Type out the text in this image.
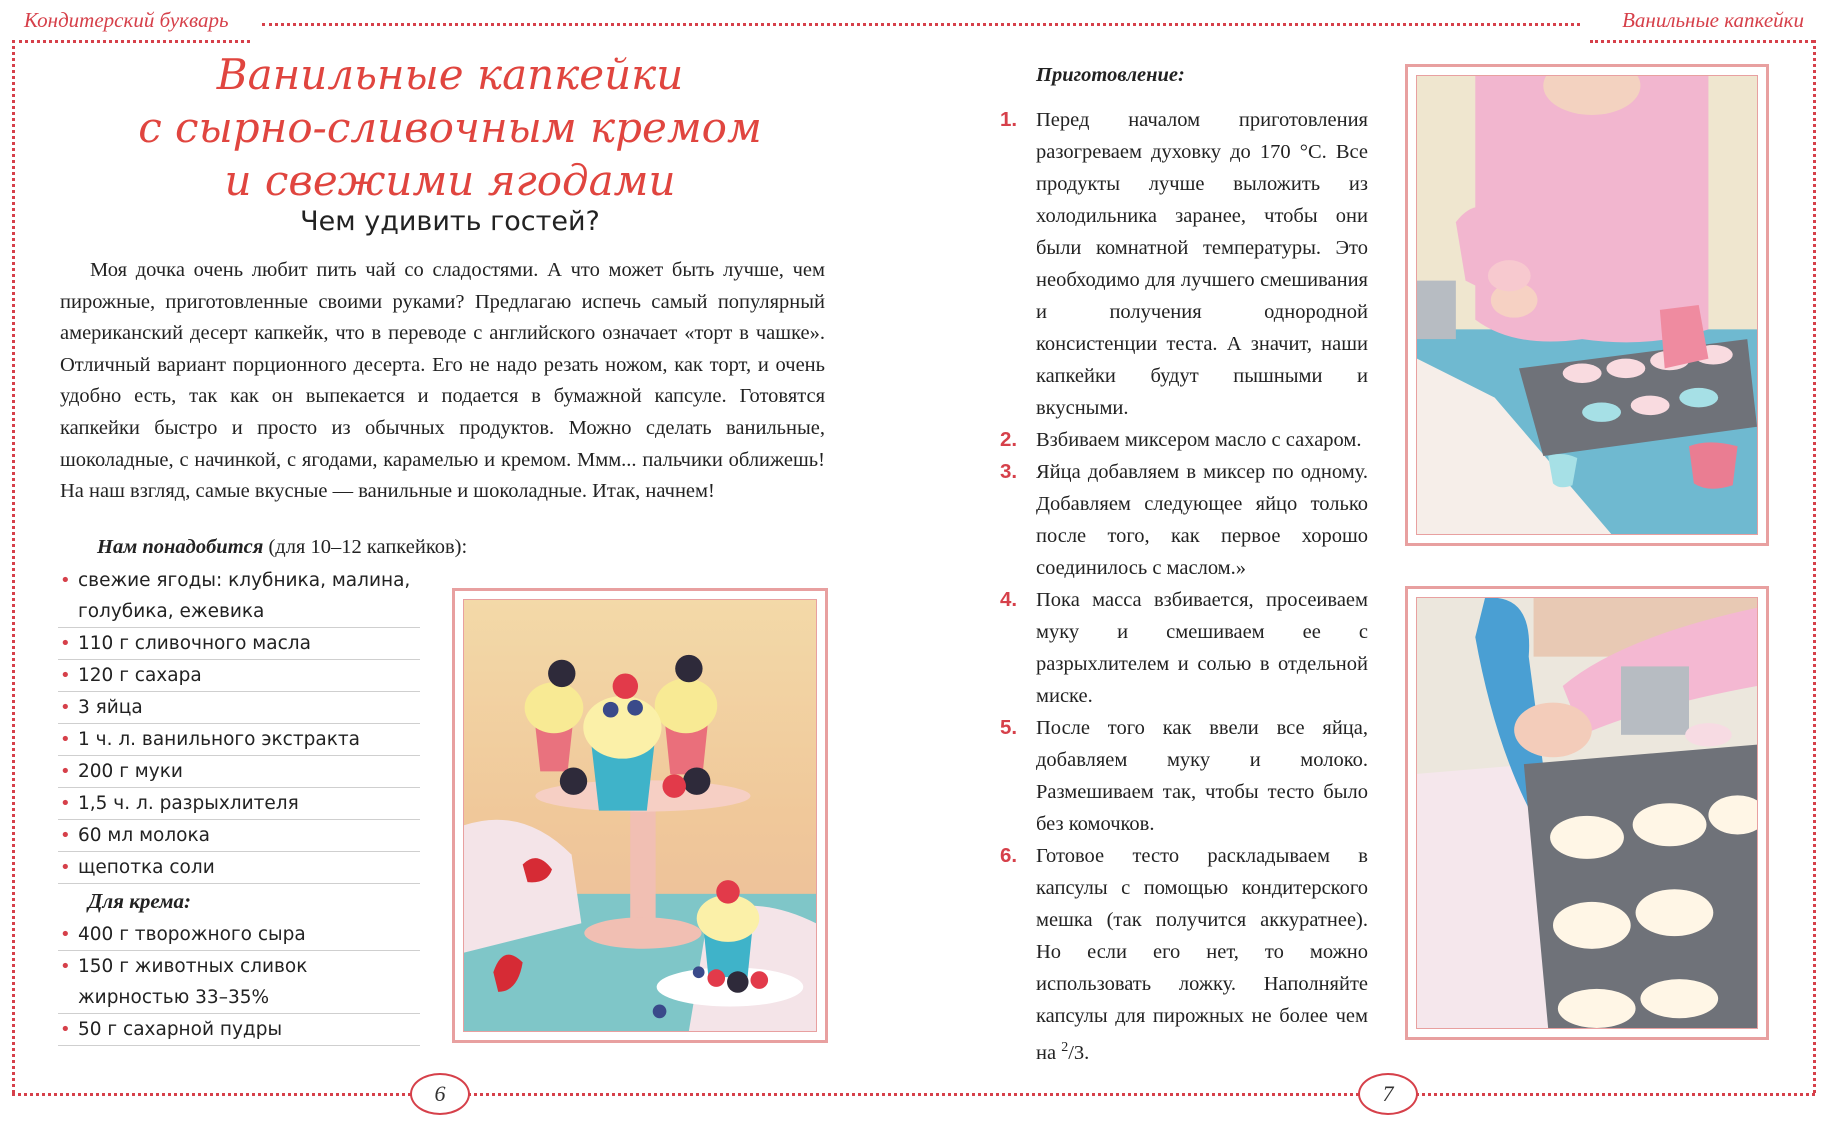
Кондитерский букварь	Ванильные капкейки
6	7
Ванильные капкейки
с сырно-сливочным кремом
и свежими ягодами
Чем удивить гостей?
Моя дочка очень любит пить чай со сладостями. А что может быть лучше, чем пирожные, приготовленные своими руками? Предлагаю испечь самый популярный американский десерт капкейк, что в переводе с английского означает «торт в чашке». Отличный вариант порционного десерта. Его не надо резать ножом, как торт, и очень удобно есть, так как он выпекается и подается в бумажной капсуле. Готовятся капкейки быстро и просто из обычных продуктов. Можно сделать ванильные, шоколадные, с начинкой, с ягодами, карамелью и кремом. Ммм... пальчики оближешь! На наш взгляд, самые вкусные — ванильные и шоколадные. Итак, начнем!
Нам понадобится (для 10–12 капкейков):
• свежие ягоды: клубника, малина, голубика, ежевика
• 110 г сливочного масла
• 120 г сахара
• 3 яйца
• 1 ч. л. ванильного экстракта
• 200 г муки
• 1,5 ч. л. разрыхлителя
• 60 мл молока
• щепотка соли
Для крема:
• 400 г творожного сыра
• 150 г животных сливок жирностью 33–35%
• 50 г сахарной пудры
Приготовление:
1. Перед началом приготовления разогреваем духовку до 170 °С. Все продукты лучше выложить из холодильника заранее, чтобы они были комнатной температуры. Это необходимо для лучшего смешивания и получения однородной консистенции теста. А значит, наши капкейки будут пышными и вкусными.
2. Взбиваем миксером масло с сахаром.
3. Яйца добавляем в миксер по одному. Добавляем следующее яйцо только после того, как первое хорошо соединилось с маслом.»
4. Пока масса взбивается, просеиваем муку и смешиваем ее с разрыхлителем и солью в отдельной миске.
5. После того как ввели все яйца, добавляем муку и молоко. Размешиваем так, чтобы тесто было без комочков.
6. Готовое тесто раскладываем в капсулы с помощью кондитерского мешка (так получится аккуратнее). Но если его нет, то можно использовать ложку. Наполняйте капсулы для пирожных не более чем на $^2$/3.
